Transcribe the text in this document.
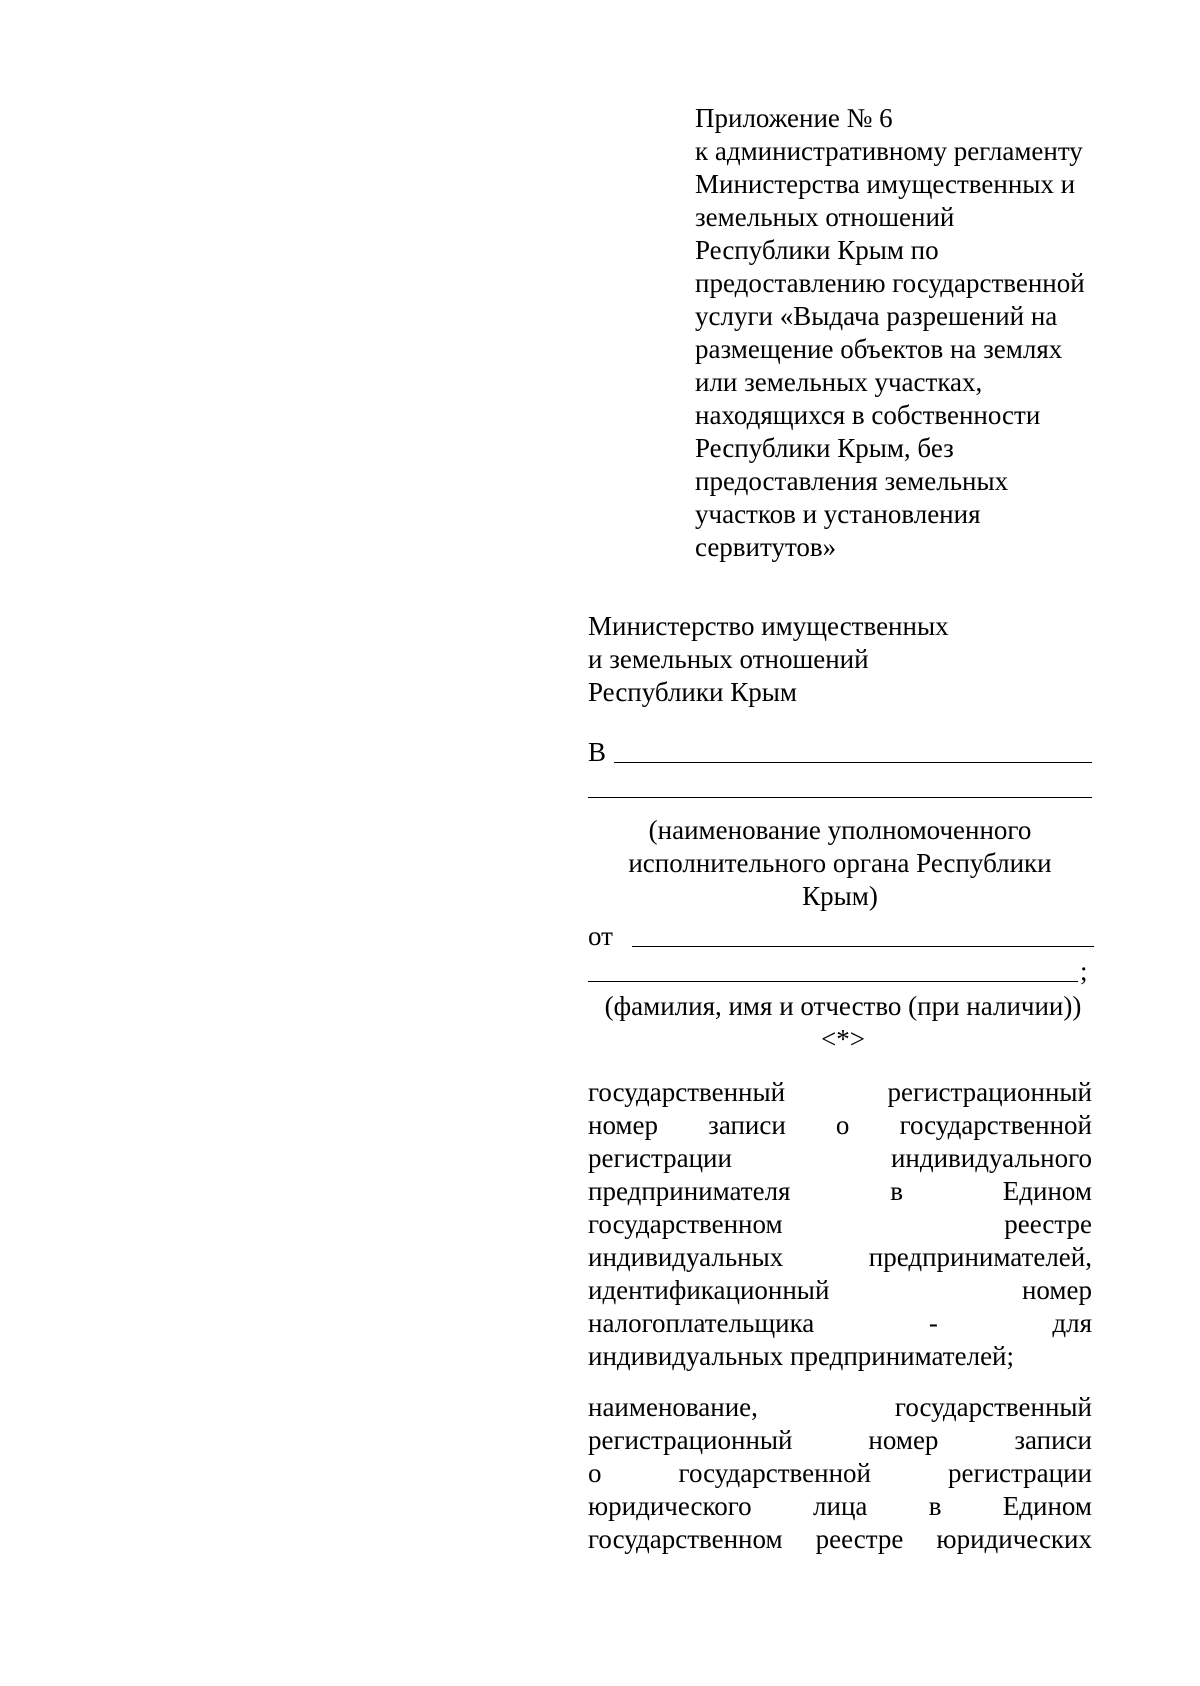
Приложение № 6
к административному регламенту
Министерства имущественных и
земельных отношений
Республики Крым по
предоставлению государственной
услуги «Выдача разрешений на
размещение объектов на землях
или земельных участках,
находящихся в собственности
Республики Крым, без
предоставления земельных
участков и установления
сервитутов»
Министерство имущественных
и земельных отношений
Республики Крым
В
(наименование уполномоченного
исполнительного органа Республики
Крым)
от
;
(фамилия, имя и отчество (при наличии))
<*>
государственный	регистрационный
номер записи о государственной
регистрации	индивидуального
предпринимателя	в	Едином
государственном	реестре
индивидуальных	предпринимателей,
идентификационный	номер
налогоплательщика	-	для
индивидуальных предпринимателей;
наименование,	государственный
регистрационный	номер	записи
о	государственной	регистрации
юридического лица в Едином
государственном реестре юридических
